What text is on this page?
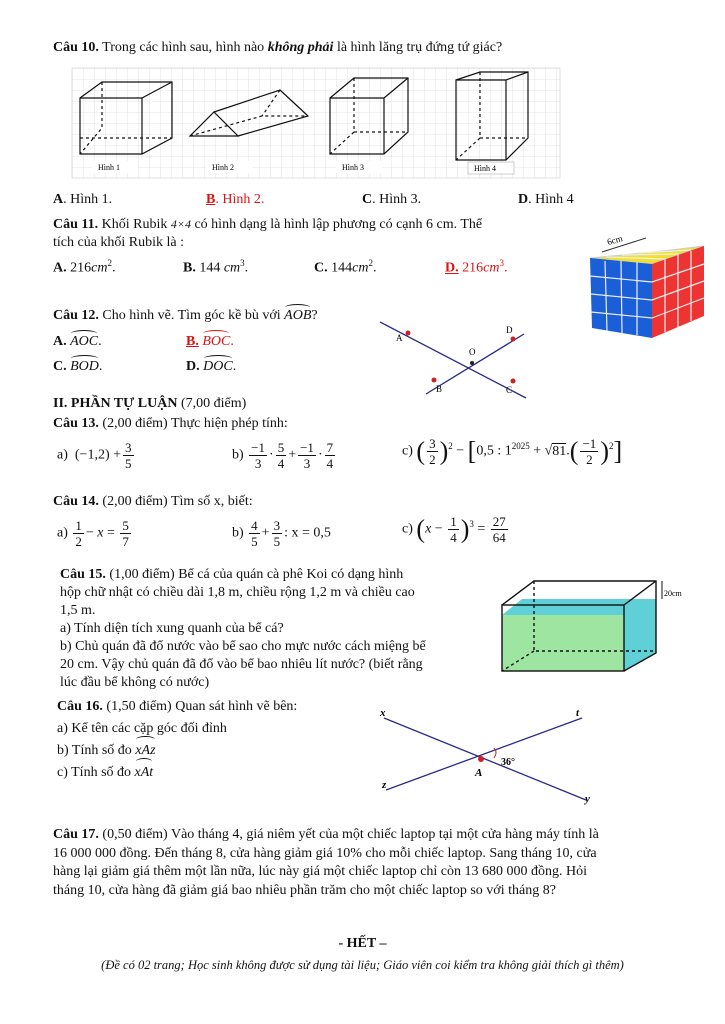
Câu 10. Trong các hình sau, hình nào không phải là hình lăng trụ đứng tứ giác?
Hình 1	Hình 2	Hình 3	Hình 4
A. Hình 1.	B. Hình 2.	C. Hình 3.	D. Hình 4
Câu 11. Khối Rubik 4×4 có hình dạng là hình lập phương có cạnh 6 cm. Thể
tích của khối Rubik là :
A. $216cm^2$.	B. 144 $cm^3$.	C. $144cm^2$.	D. $216cm^3$.
6cm
Câu 12. Cho hình vẽ. Tìm góc kề bù với AOB?
A. AOC.	B. BOC.
C. BOD.	D. DOC.
A
D
O
B	C
II. PHẦN TỰ LUẬN (7,00 điểm)
Câu 13. (2,00 điểm) Thực hiện phép tính:
a) $(-1,2) + \frac{3}{5}$	$b) \frac{-1}{3} \cdot \frac{5}{4} + \frac{-1}{3} \cdot \frac{7}{4}$	c) ( $\frac{3}{2} )^2 - [0,5$ : $1^{2025} + √81.( \frac{-1}{2} )^2$]
Câu 14. (2,00 điểm) Tìm số x, biết:
$a) \frac{1}{2} - x = \frac{5}{7}$	$b) \frac{4}{5} + \frac{3}{5}$ : x = 0,5	c) $(x - \frac{1}{4} )^3 = \frac{27}{64}$
Câu 15. (1,00 điểm) Bể cá của quán cà phê Koi có dạng hình
hộp chữ nhật có chiều dài 1,8 m, chiều rộng 1,2 m và chiều cao
1,5 m.
a) Tính diện tích xung quanh của bể cá?
b) Chủ quán đã đổ nước vào bể sao cho mực nước cách miệng bể
20 cm. Vậy chủ quán đã đổ vào bể bao nhiêu lít nước? (biết rằng
lúc đầu bể không có nước)
20cm
Câu 16. (1,50 điểm) Quan sát hình vẽ bên:
a) Kể tên các cặp góc đối đỉnh
b) Tính số đo xAz
c) Tính số đo xAt
x	t
z
y
A
36°
Câu 17. (0,50 điểm) Vào tháng 4, giá niêm yết của một chiếc laptop tại một cửa hàng máy tính là
16 000 000 đồng. Đến tháng 8, cửa hàng giảm giá 10% cho mỗi chiếc laptop. Sang tháng 10, cửa
hàng lại giảm giá thêm một lần nữa, lúc này giá một chiếc laptop chỉ còn 13 680 000 đồng. Hỏi
tháng 10, cửa hàng đã giảm giá bao nhiêu phần trăm cho một chiếc laptop so với tháng 8?
- HẾT –
(Đề có 02 trang; Học sinh không được sử dụng tài liệu; Giáo viên coi kiểm tra không giải thích gì thêm)
